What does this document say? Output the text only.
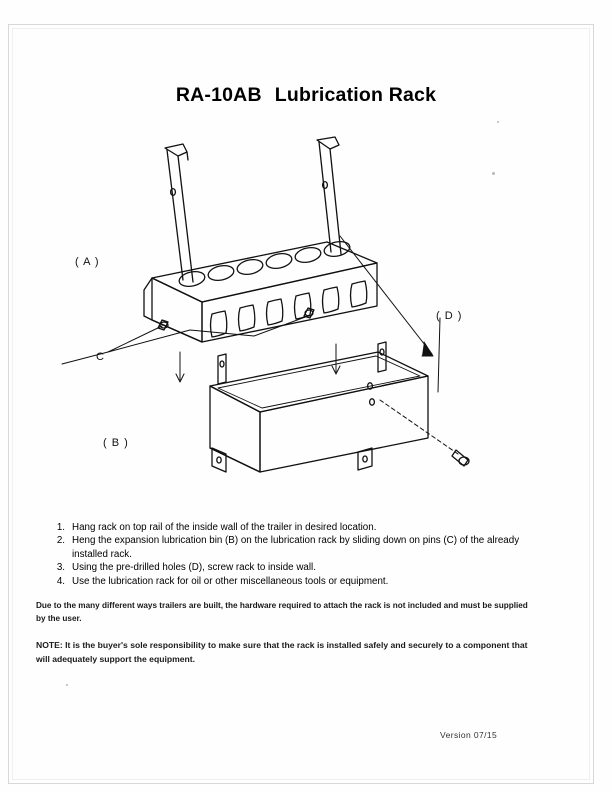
RA-10AB Lubrication Rack
( A )
( B )
C
( D )
1. Hang rack on top rail of the inside wall of the trailer in desired location.
2. Heng the expansion lubrication bin (B) on the lubrication rack by sliding down on pins (C) of the already installed rack.
3. Using the pre-drilled holes (D), screw rack to inside wall.
4. Use the lubrication rack for oil or other miscellaneous tools or equipment.
Due to the many different ways trailers are built, the hardware required to attach the rack is not included and must be supplied by the user.
NOTE: It is the buyer's sole responsibility to make sure that the rack is installed safely and securely to a component that will adequately support the equipment.
Version 07/15
